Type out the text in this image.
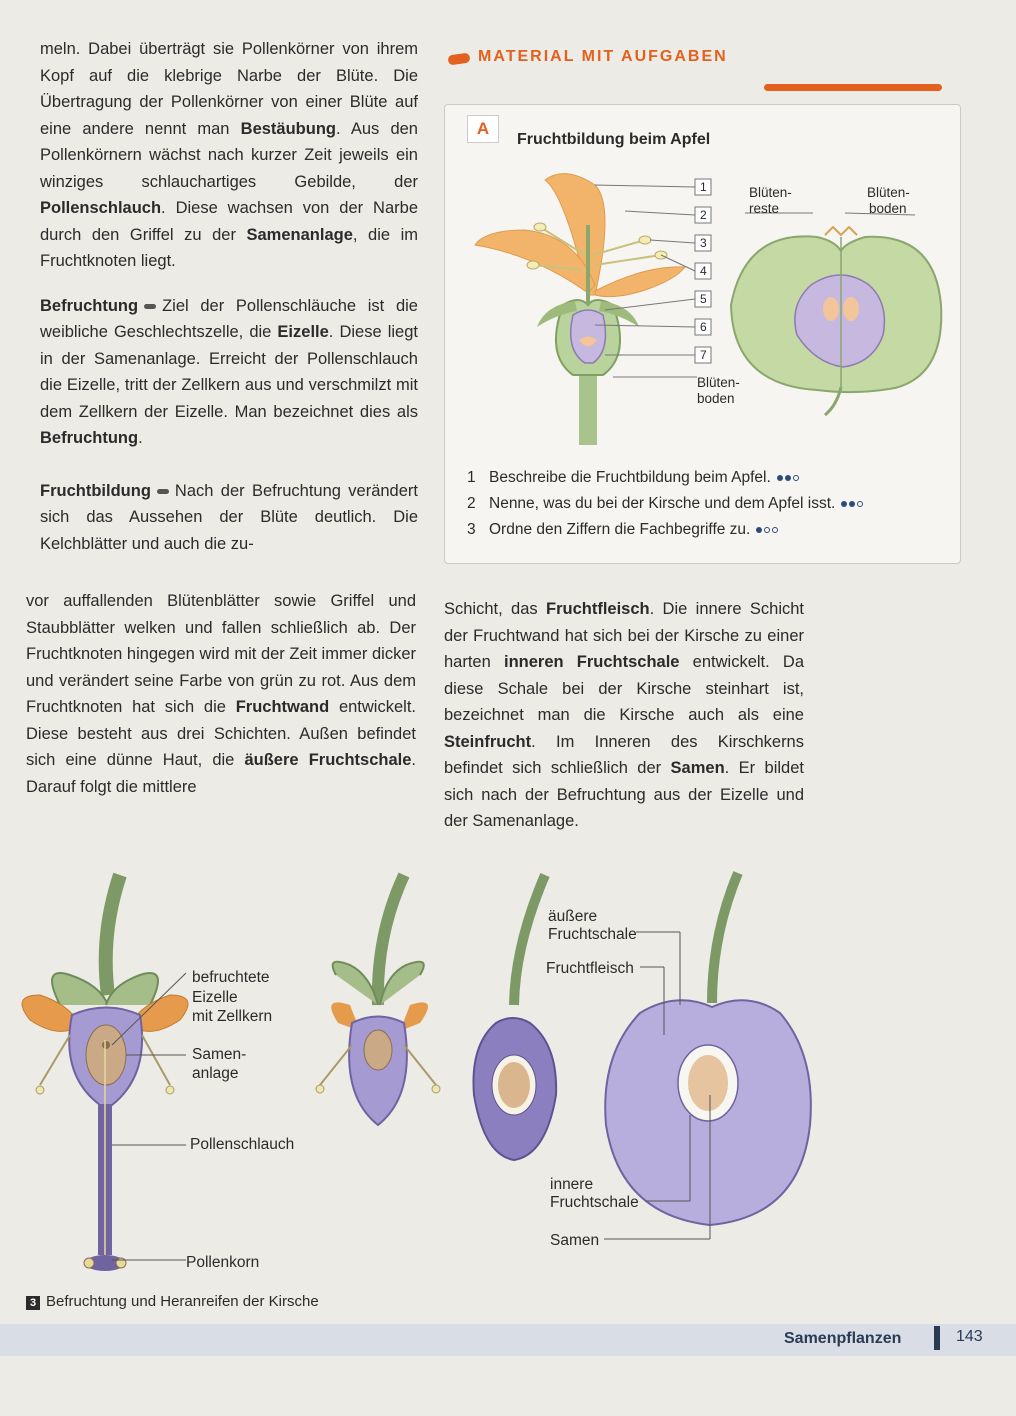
meln. Dabei überträgt sie Pollenkörner von ihrem Kopf auf die klebrige Narbe der Blüte. Die Übertragung der Pollenkörner von einer Blüte auf eine andere nennt man Bestäubung. Aus den Pollenkörnern wächst nach kurzer Zeit jeweils ein winziges schlauchartiges Gebilde, der Pollenschlauch. Diese wachsen von der Narbe durch den Griffel zu der Samenanlage, die im Fruchtknoten liegt.

Befruchtung Ziel der Pollenschläuche ist die weibliche Geschlechtszelle, die Eizelle. Diese liegt in der Samenanlage. Erreicht der Pollenschlauch die Eizelle, tritt der Zellkern aus und verschmilzt mit dem Zellkern der Eizelle. Man bezeichnet dies als Befruchtung.

Fruchtbildung Nach der Befruchtung verändert sich das Aussehen der Blüte deutlich. Die Kelchblätter und auch die zu-

vor auffallenden Blütenblätter sowie Griffel und Staubblätter welken und fallen schließlich ab. Der Fruchtknoten hingegen wird mit der Zeit immer dicker und verändert seine Farbe von grün zu rot. Aus dem Fruchtknoten hat sich die Fruchtwand entwickelt. Diese besteht aus drei Schichten. Außen befindet sich eine dünne Haut, die äußere Fruchtschale. Darauf folgt die mittlere

Schicht, das Fruchtfleisch. Die innere Schicht der Fruchtwand hat sich bei der Kirsche zu einer harten inneren Fruchtschale entwickelt. Da diese Schale bei der Kirsche steinhart ist, bezeichnet man die Kirsche auch als eine Steinfrucht. Im Inneren des Kirschkerns befindet sich schließlich der Samen. Er bildet sich nach der Befruchtung aus der Eizelle und der Samenanlage.

MATERIAL MIT AUFGABEN
A
Fruchtbildung beim Apfel
1
2
3
4
5
6
7
Blüten-
reste
Blüten-
boden
Blüten-
boden
1 Beschreibe die Fruchtbildung beim Apfel.
2 Nenne, was du bei der Kirsche und dem Apfel isst.
3 Ordne den Ziffern die Fachbegriffe zu.
befruchtete
Eizelle
mit Zellkern
Samen-
anlage
Pollenschlauch
Pollenkorn
äußere
Fruchtschale
Fruchtfleisch
innere
Fruchtschale
Samen
3 Befruchtung und Heranreifen der Kirsche
Samenpflanzen	143
